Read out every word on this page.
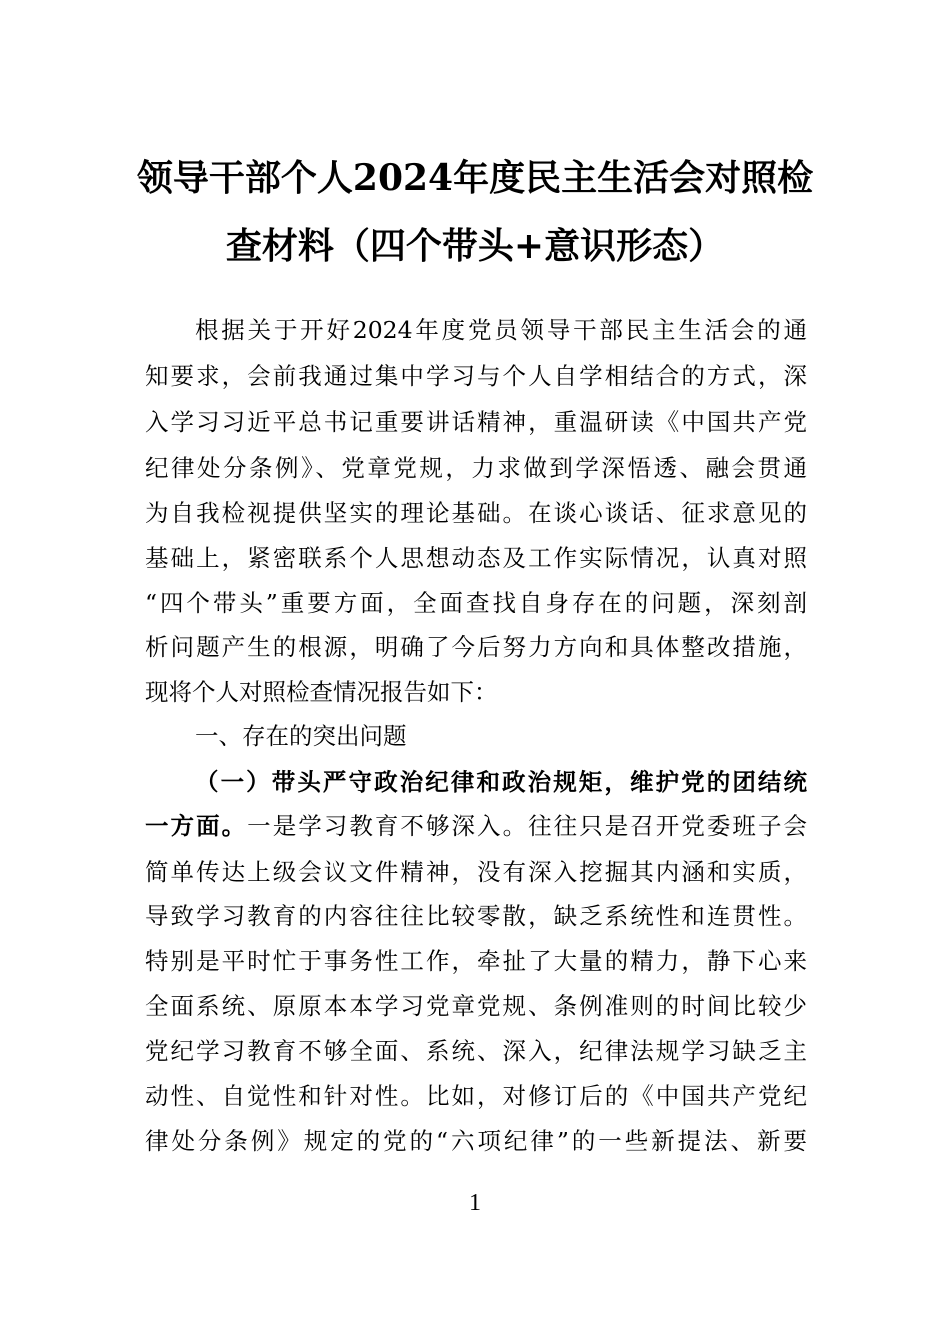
领导干部个人2024年度民主生活会对照检
查材料（四个带头+意识形态）
根据关于开好2024年度党员领导干部民主生活会的通
知要求，会前我通过集中学习与个人自学相结合的方式，深
入学习习近平总书记重要讲话精神，重温研读《中国共产党
纪律处分条例》、党章党规，力求做到学深悟透、融会贯通
为自我检视提供坚实的理论基础。在谈心谈话、征求意见的
基础上，紧密联系个人思想动态及工作实际情况，认真对照
“四个带头”重要方面，全面查找自身存在的问题，深刻剖
析问题产生的根源，明确了今后努力方向和具体整改措施，
现将个人对照检查情况报告如下：
一、存在的突出问题
（一）带头严守政治纪律和政治规矩，维护党的团结统
一方面。一是学习教育不够深入。往往只是召开党委班子会
简单传达上级会议文件精神，没有深入挖掘其内涵和实质，
导致学习教育的内容往往比较零散，缺乏系统性和连贯性。
特别是平时忙于事务性工作，牵扯了大量的精力，静下心来
全面系统、原原本本学习党章党规、条例准则的时间比较少
党纪学习教育不够全面、系统、深入，纪律法规学习缺乏主
动性、自觉性和针对性。比如，对修订后的《中国共产党纪
律处分条例》规定的党的“六项纪律”的一些新提法、新要
1
